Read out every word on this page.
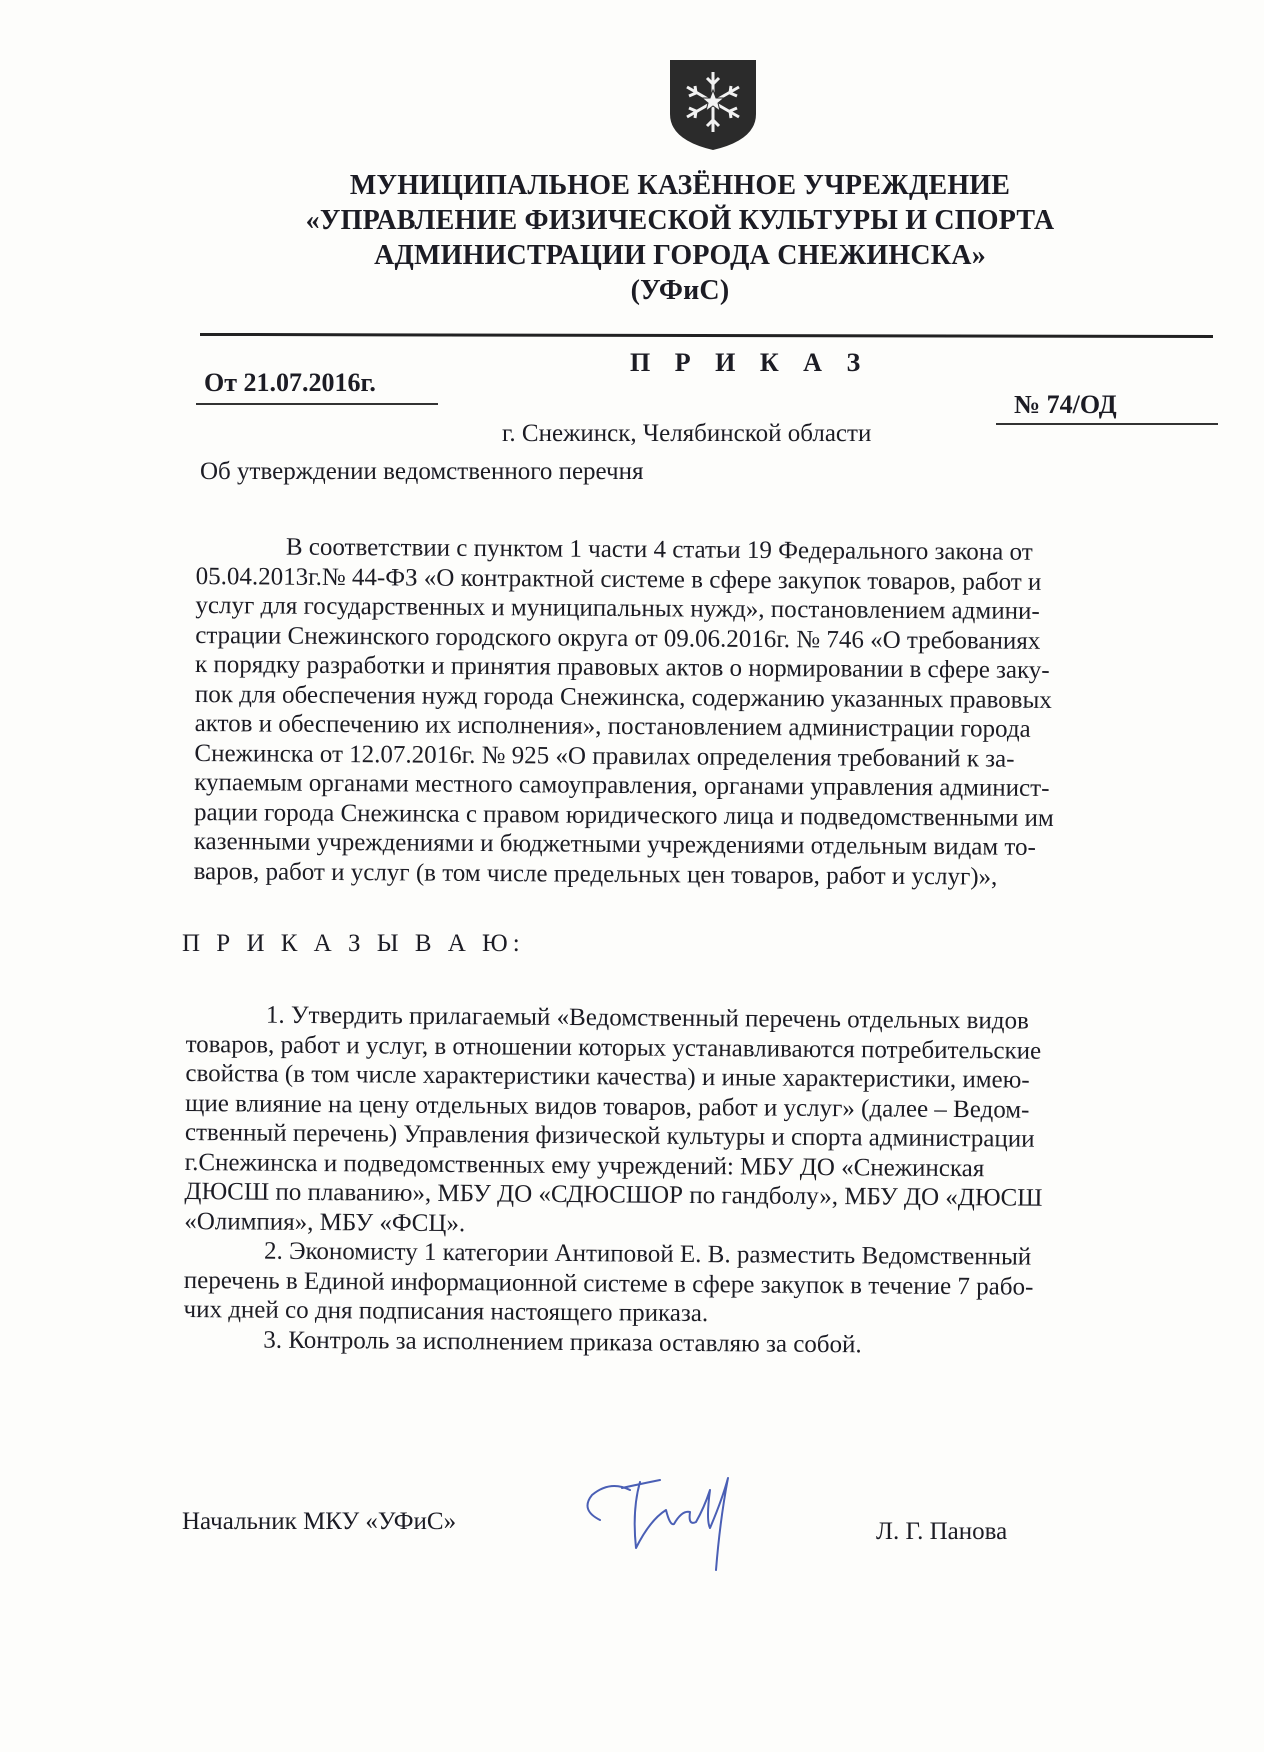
МУНИЦИПАЛЬНОЕ КАЗЁННОЕ УЧРЕЖДЕНИЕ
«УПРАВЛЕНИЕ ФИЗИЧЕСКОЙ КУЛЬТУРЫ И СПОРТА
АДМИНИСТРАЦИИ ГОРОДА СНЕЖИНСКА»
(УФиС)
П Р И К А З
От 21.07.2016г.
№ 74/ОД
г. Снежинск, Челябинской области
Об утверждении ведомственного перечня
В соответствии с пунктом 1 части 4 статьи 19 Федерального закона от
05.04.2013г.№ 44-ФЗ «О контрактной системе в сфере закупок товаров, работ и
услуг для государственных и муниципальных нужд», постановлением админи-
страции Снежинского городского округа от 09.06.2016г. № 746 «О требованиях
к порядку разработки и принятия правовых актов о нормировании в сфере заку-
пок для обеспечения нужд города Снежинска, содержанию указанных правовых
актов и обеспечению их исполнения», постановлением администрации города
Снежинска от 12.07.2016г. № 925 «О правилах определения требований к за-
купаемым органами местного самоуправления, органами управления админист-
рации города Снежинска с правом юридического лица и подведомственными им
казенными учреждениями и бюджетными учреждениями отдельным видам то-
варов, работ и услуг (в том числе предельных цен товаров, работ и услуг)»,
П Р И К А З Ы В А Ю:
1. Утвердить прилагаемый «Ведомственный перечень отдельных видов
товаров, работ и услуг, в отношении которых устанавливаются потребительские
свойства (в том числе характеристики качества) и иные характеристики, имею-
щие влияние на цену отдельных видов товаров, работ и услуг» (далее – Ведом-
ственный перечень) Управления физической культуры и спорта администрации
г.Снежинска и подведомственных ему учреждений: МБУ ДО «Снежинская
ДЮСШ по плаванию», МБУ ДО «СДЮСШОР по гандболу», МБУ ДО «ДЮСШ
«Олимпия», МБУ «ФСЦ».
2. Экономисту 1 категории Антиповой Е. В. разместить Ведомственный
перечень в Единой информационной системе в сфере закупок в течение 7 рабо-
чих дней со дня подписания настоящего приказа.
3. Контроль за исполнением приказа оставляю за собой.
Начальник МКУ «УФиС»	Л. Г. Панова
